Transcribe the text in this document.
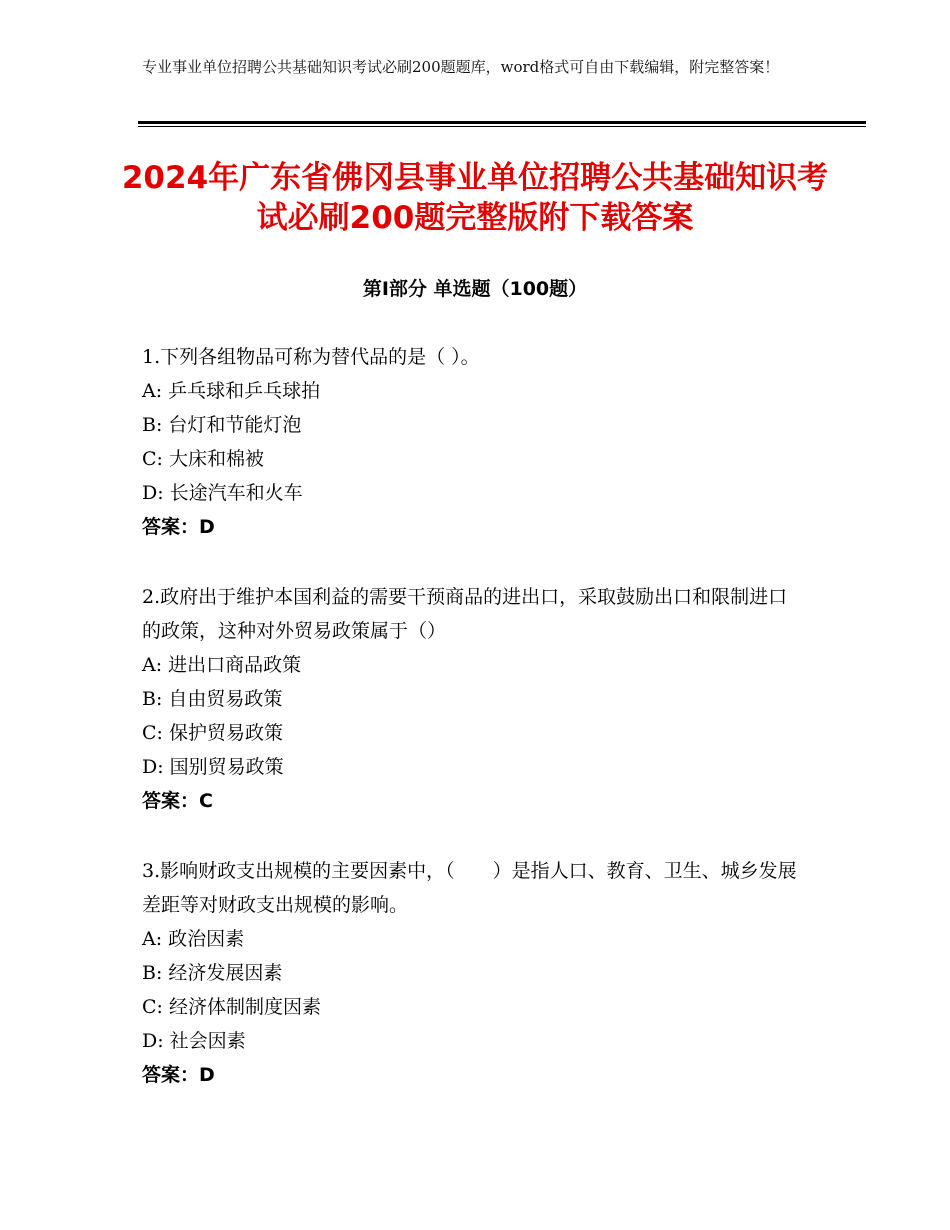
专业事业单位招聘公共基础知识考试必刷200题题库，word格式可自由下载编辑，附完整答案！
2024年广东省佛冈县事业单位招聘公共基础知识考试必刷200题完整版附下载答案
第Ⅰ部分 单选题（100题）

1.下列各组物品可称为替代品的是（ ）。

A: 乒乓球和乒乓球拍

B: 台灯和节能灯泡

C: 大床和棉被

D: 长途汽车和火车

答案：D

2.政府出于维护本国利益的需要干预商品的进出口，采取鼓励出口和限制进口的政策，这种对外贸易政策属于（）

A: 进出口商品政策

B: 自由贸易政策

C: 保护贸易政策

D: 国别贸易政策

答案：C

3.影响财政支出规模的主要因素中，（　　）是指人口、教育、卫生、城乡发展差距等对财政支出规模的影响。

A: 政治因素

B: 经济发展因素

C: 经济体制制度因素

D: 社会因素

答案：D
